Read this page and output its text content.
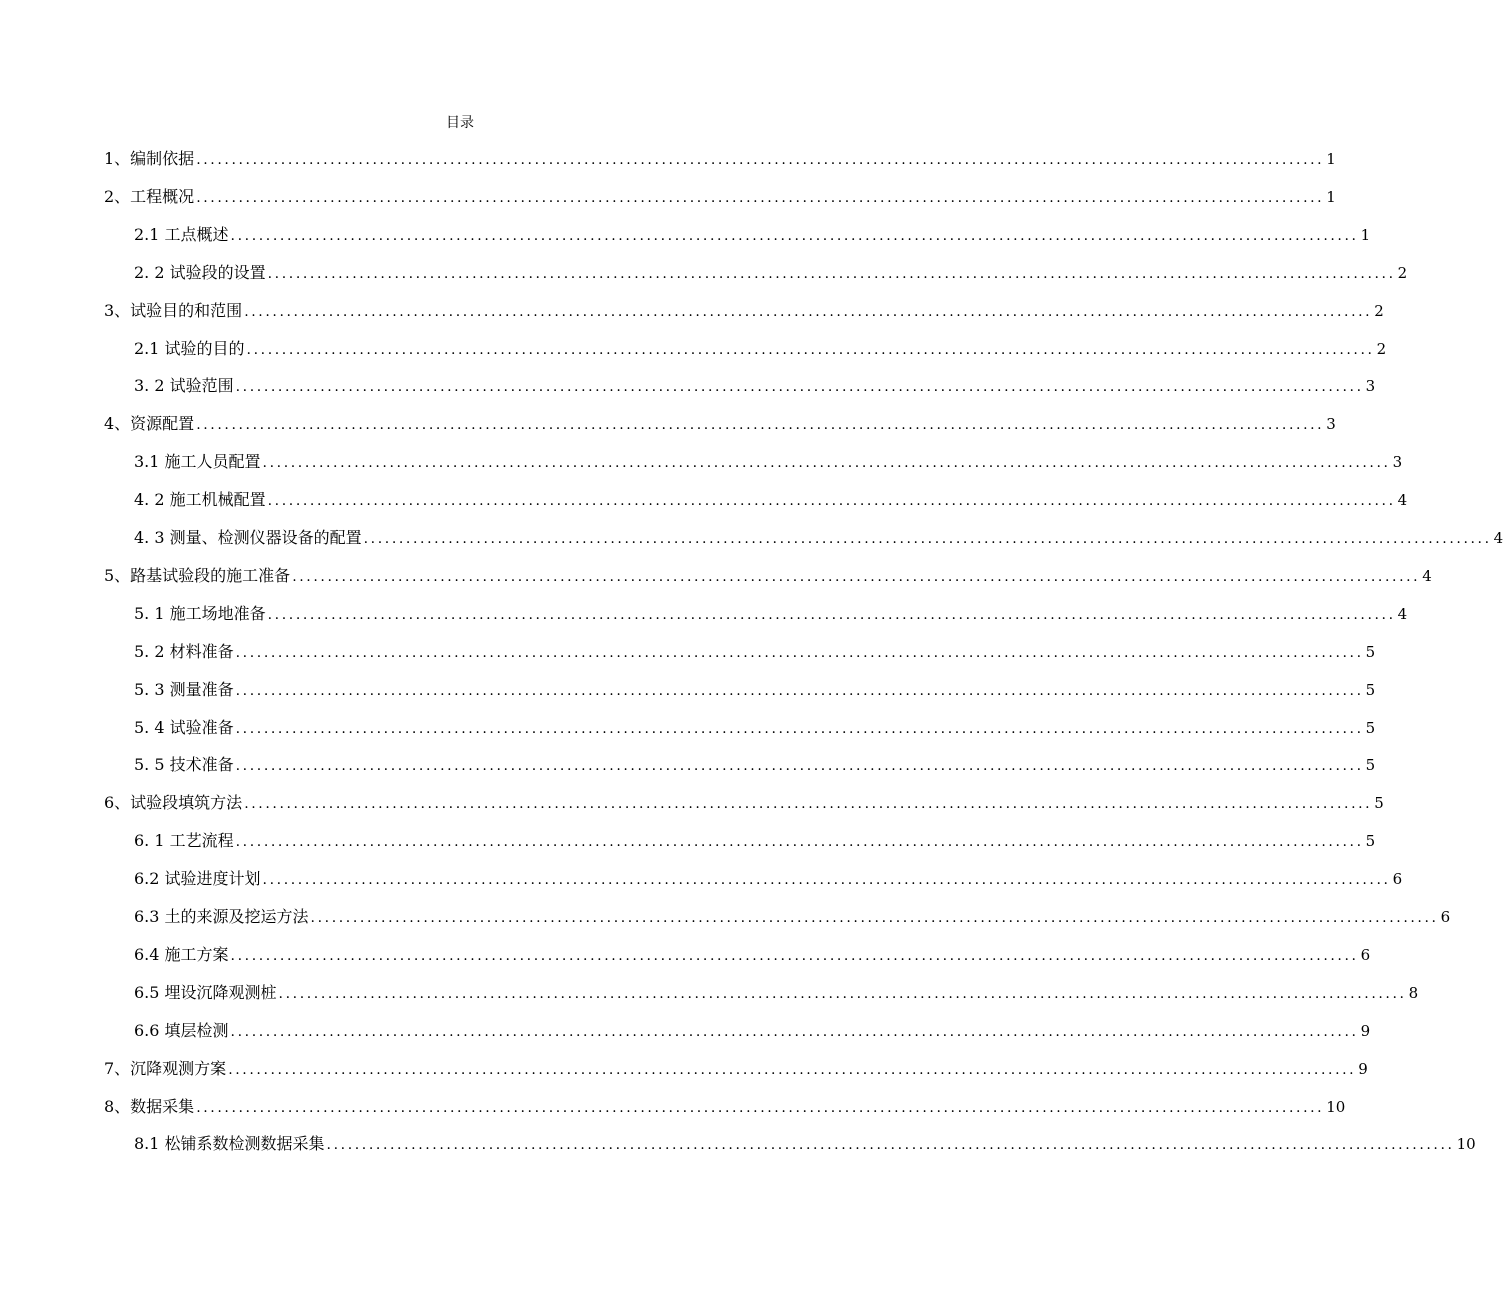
目录
1、编制依据 ................................................................................................................................................................ 1
2、工程概况 ................................................................................................................................................................ 1
2.1 工点概述 ................................................................................................................................................................ 1
2. 2 试验段的设置 ................................................................................................................................................................ 2
3、试验目的和范围 ................................................................................................................................................................ 2
2.1 试验的目的 ................................................................................................................................................................ 2
3. 2 试验范围 ................................................................................................................................................................ 3
4、资源配置 ................................................................................................................................................................ 3
3.1 施工人员配置 ................................................................................................................................................................ 3
4. 2 施工机械配置 ................................................................................................................................................................ 4
4. 3 测量、检测仪器设备的配置 ................................................................................................................................................................ 4
5、路基试验段的施工准备 ................................................................................................................................................................ 4
5. 1 施工场地准备 ................................................................................................................................................................ 4
5. 2 材料准备 ................................................................................................................................................................ 5
5. 3 测量准备 ................................................................................................................................................................ 5
5. 4 试验准备 ................................................................................................................................................................ 5
5. 5 技术准备 ................................................................................................................................................................ 5
6、试验段填筑方法 ................................................................................................................................................................ 5
6. 1 工艺流程 ................................................................................................................................................................ 5
6.2 试验进度计划 ................................................................................................................................................................ 6
6.3 土的来源及挖运方法 ................................................................................................................................................................ 6
6.4 施工方案 ................................................................................................................................................................ 6
6.5 埋设沉降观测桩 ................................................................................................................................................................ 8
6.6 填层检测 ................................................................................................................................................................ 9
7、沉降观测方案 ................................................................................................................................................................ 9
8、数据采集 ................................................................................................................................................................ 10
8.1 松铺系数检测数据采集 ................................................................................................................................................................ 10
